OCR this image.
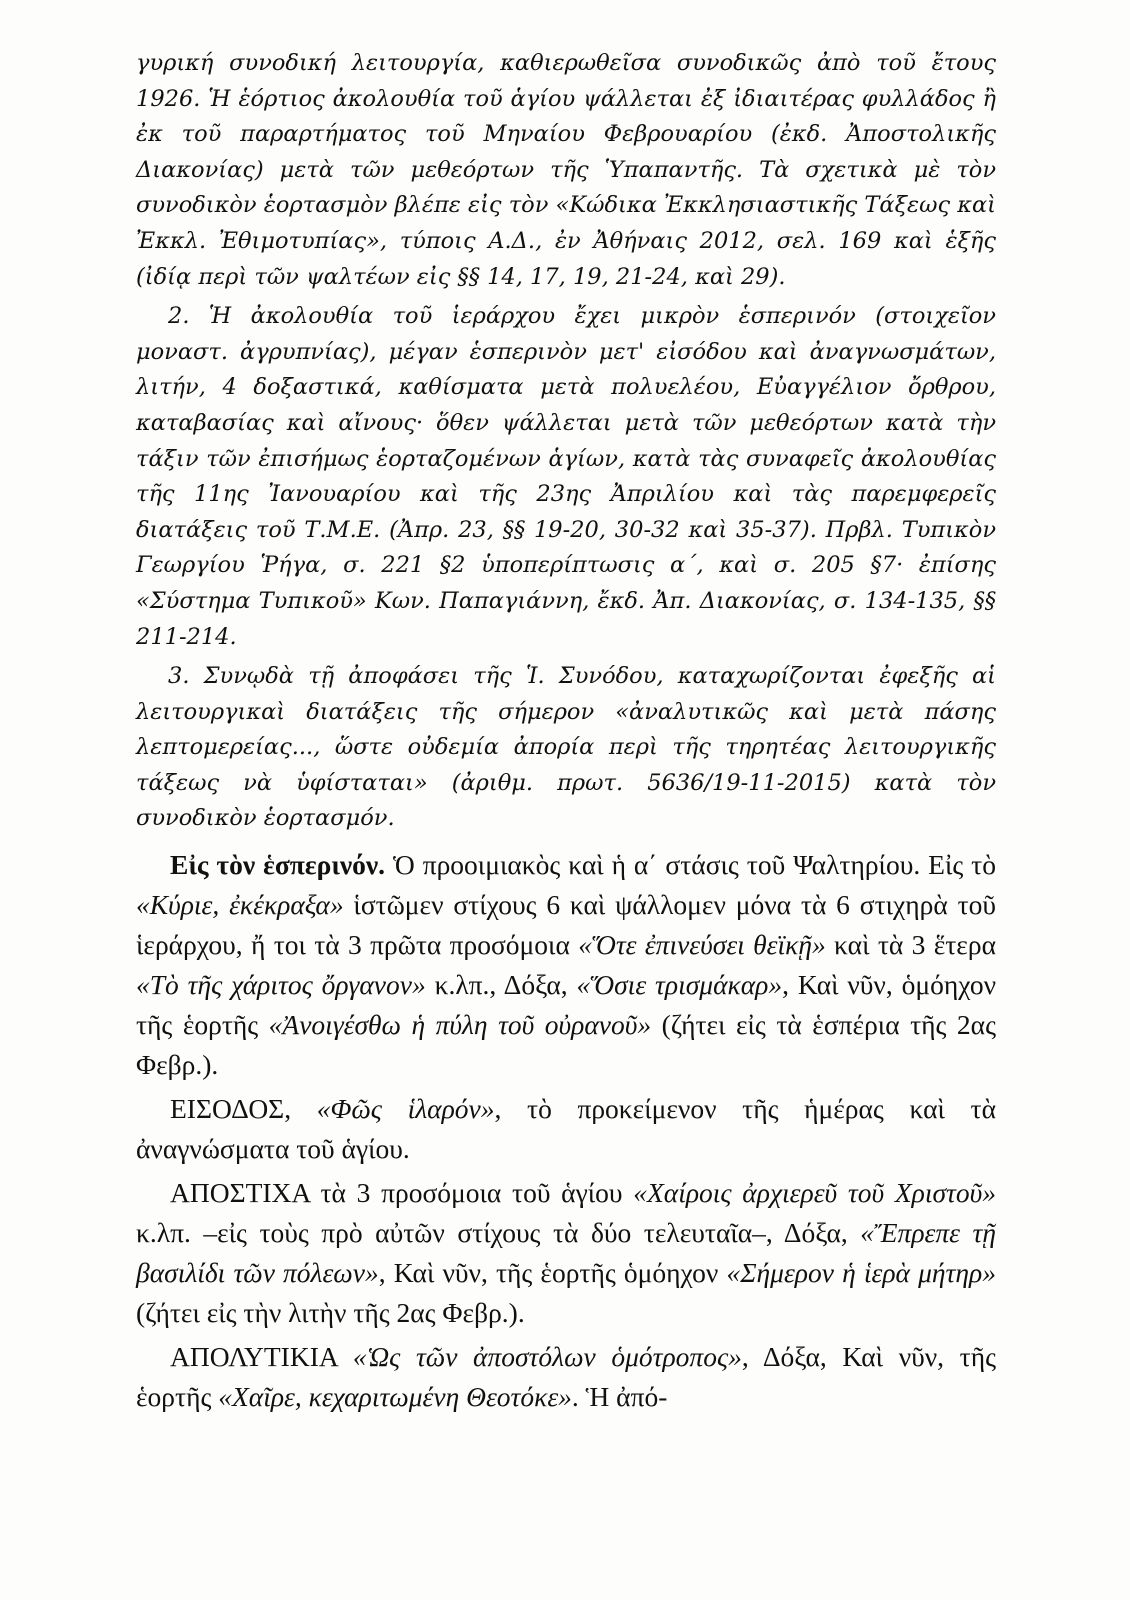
γυρική συνοδική λειτουργία, καθιερωθεῖσα συνοδικῶς ἀπὸ τοῦ ἔτους 1926. Ἡ ἑόρτιος ἀκολουθία τοῦ ἁγίου ψάλλεται ἐξ ἰδιαιτέρας φυλλάδος ἢ ἐκ τοῦ παραρτήματος τοῦ Μηναίου Φεβρουαρίου (ἐκδ. Ἀποστολικῆς Διακονίας) μετὰ τῶν μεθεόρτων τῆς Ὑπαπαντῆς. Τὰ σχετικὰ μὲ τὸν συνοδικὸν ἑορτασμὸν βλέπε εἰς τὸν «Κώδικα Ἐκκλησιαστικῆς Τάξεως καὶ Ἐκκλ. Ἐθιμοτυπίας», τύποις Α.Δ., ἐν Ἀθήναις 2012, σελ. 169 καὶ ἑξῆς (ἰδίᾳ περὶ τῶν ψαλτέων εἰς §§ 14, 17, 19, 21-24, καὶ 29).

2. Ἡ ἀκολουθία τοῦ ἱεράρχου ἔχει μικρὸν ἑσπερινόν (στοιχεῖον μοναστ. ἀγρυπνίας), μέγαν ἑσπερινὸν μετ' εἰσόδου καὶ ἀναγνωσμάτων, λιτήν, 4 δοξαστικά, καθίσματα μετὰ πολυελέου, Εὐαγγέλιον ὄρθρου, καταβασίας καὶ αἴνους· ὅθεν ψάλλεται μετὰ τῶν μεθεόρτων κατὰ τὴν τάξιν τῶν ἐπισήμως ἑορταζομένων ἁγίων, κατὰ τὰς συναφεῖς ἀκολουθίας τῆς 11ης Ἰανουαρίου καὶ τῆς 23ης Ἀπριλίου καὶ τὰς παρεμφερεῖς διατάξεις τοῦ Τ.Μ.Ε. (Ἀπρ. 23, §§ 19-20, 30-32 καὶ 35-37). Πρβλ. Τυπικὸν Γεωργίου Ῥήγα, σ. 221 §2 ὑποπερίπτωσις α΄, καὶ σ. 205 §7· ἐπίσης «Σύστημα Τυπικοῦ» Κων. Παπαγιάννη, ἔκδ. Ἀπ. Διακονίας, σ. 134-135, §§ 211-214.

3. Συνῳδὰ τῇ ἀποφάσει τῆς Ἱ. Συνόδου, καταχωρίζονται ἐφεξῆς αἱ λειτουργικαὶ διατάξεις τῆς σήμερον «ἀναλυτικῶς καὶ μετὰ πάσης λεπτομερείας..., ὥστε οὐδεμία ἀπορία περὶ τῆς τηρητέας λειτουργικῆς τάξεως νὰ ὑφίσταται» (ἀριθμ. πρωτ. 5636/19-11-2015) κατὰ τὸν συνοδικὸν ἑορτασμόν.

Εἰς τὸν ἑσπερινόν. Ὁ προοιμιακὸς καὶ ἡ α΄ στάσις τοῦ Ψαλτηρίου. Εἰς τὸ «Κύριε, ἐκέκραξα» ἱστῶμεν στίχους 6 καὶ ψάλλομεν μόνα τὰ 6 στιχηρὰ τοῦ ἱεράρχου, ἤ τοι τὰ 3 πρῶτα προσόμοια «Ὅτε ἐπινεύσει θεϊκῇ» καὶ τὰ 3 ἕτερα «Τὸ τῆς χάριτος ὄργανον» κ.λπ., Δόξα, «Ὅσιε τρισμάκαρ», Καὶ νῦν, ὁμόηχον τῆς ἑορτῆς «Ἀνοιγέσθω ἡ πύλη τοῦ οὐρανοῦ» (ζήτει εἰς τὰ ἑσπέρια τῆς 2ας Φεβρ.).

ΕΙΣΟΔΟΣ, «Φῶς ἱλαρόν», τὸ προκείμενον τῆς ἡμέρας καὶ τὰ ἀναγνώσματα τοῦ ἁγίου.

ΑΠΟΣΤΙΧΑ τὰ 3 προσόμοια τοῦ ἁγίου «Χαίροις ἀρχιερεῦ τοῦ Χριστοῦ» κ.λπ. –εἰς τοὺς πρὸ αὐτῶν στίχους τὰ δύο τελευταῖα–, Δόξα, «Ἔπρεπε τῇ βασιλίδι τῶν πόλεων», Καὶ νῦν, τῆς ἑορτῆς ὁμόηχον «Σήμερον ἡ ἱερὰ μήτηρ» (ζήτει εἰς τὴν λιτὴν τῆς 2ας Φεβρ.).

ΑΠΟΛΥΤΙΚΙΑ «Ὡς τῶν ἀποστόλων ὁμότροπος», Δόξα, Καὶ νῦν, τῆς ἑορτῆς «Χαῖρε, κεχαριτωμένη Θεοτόκε». Ἡ ἀπό-
